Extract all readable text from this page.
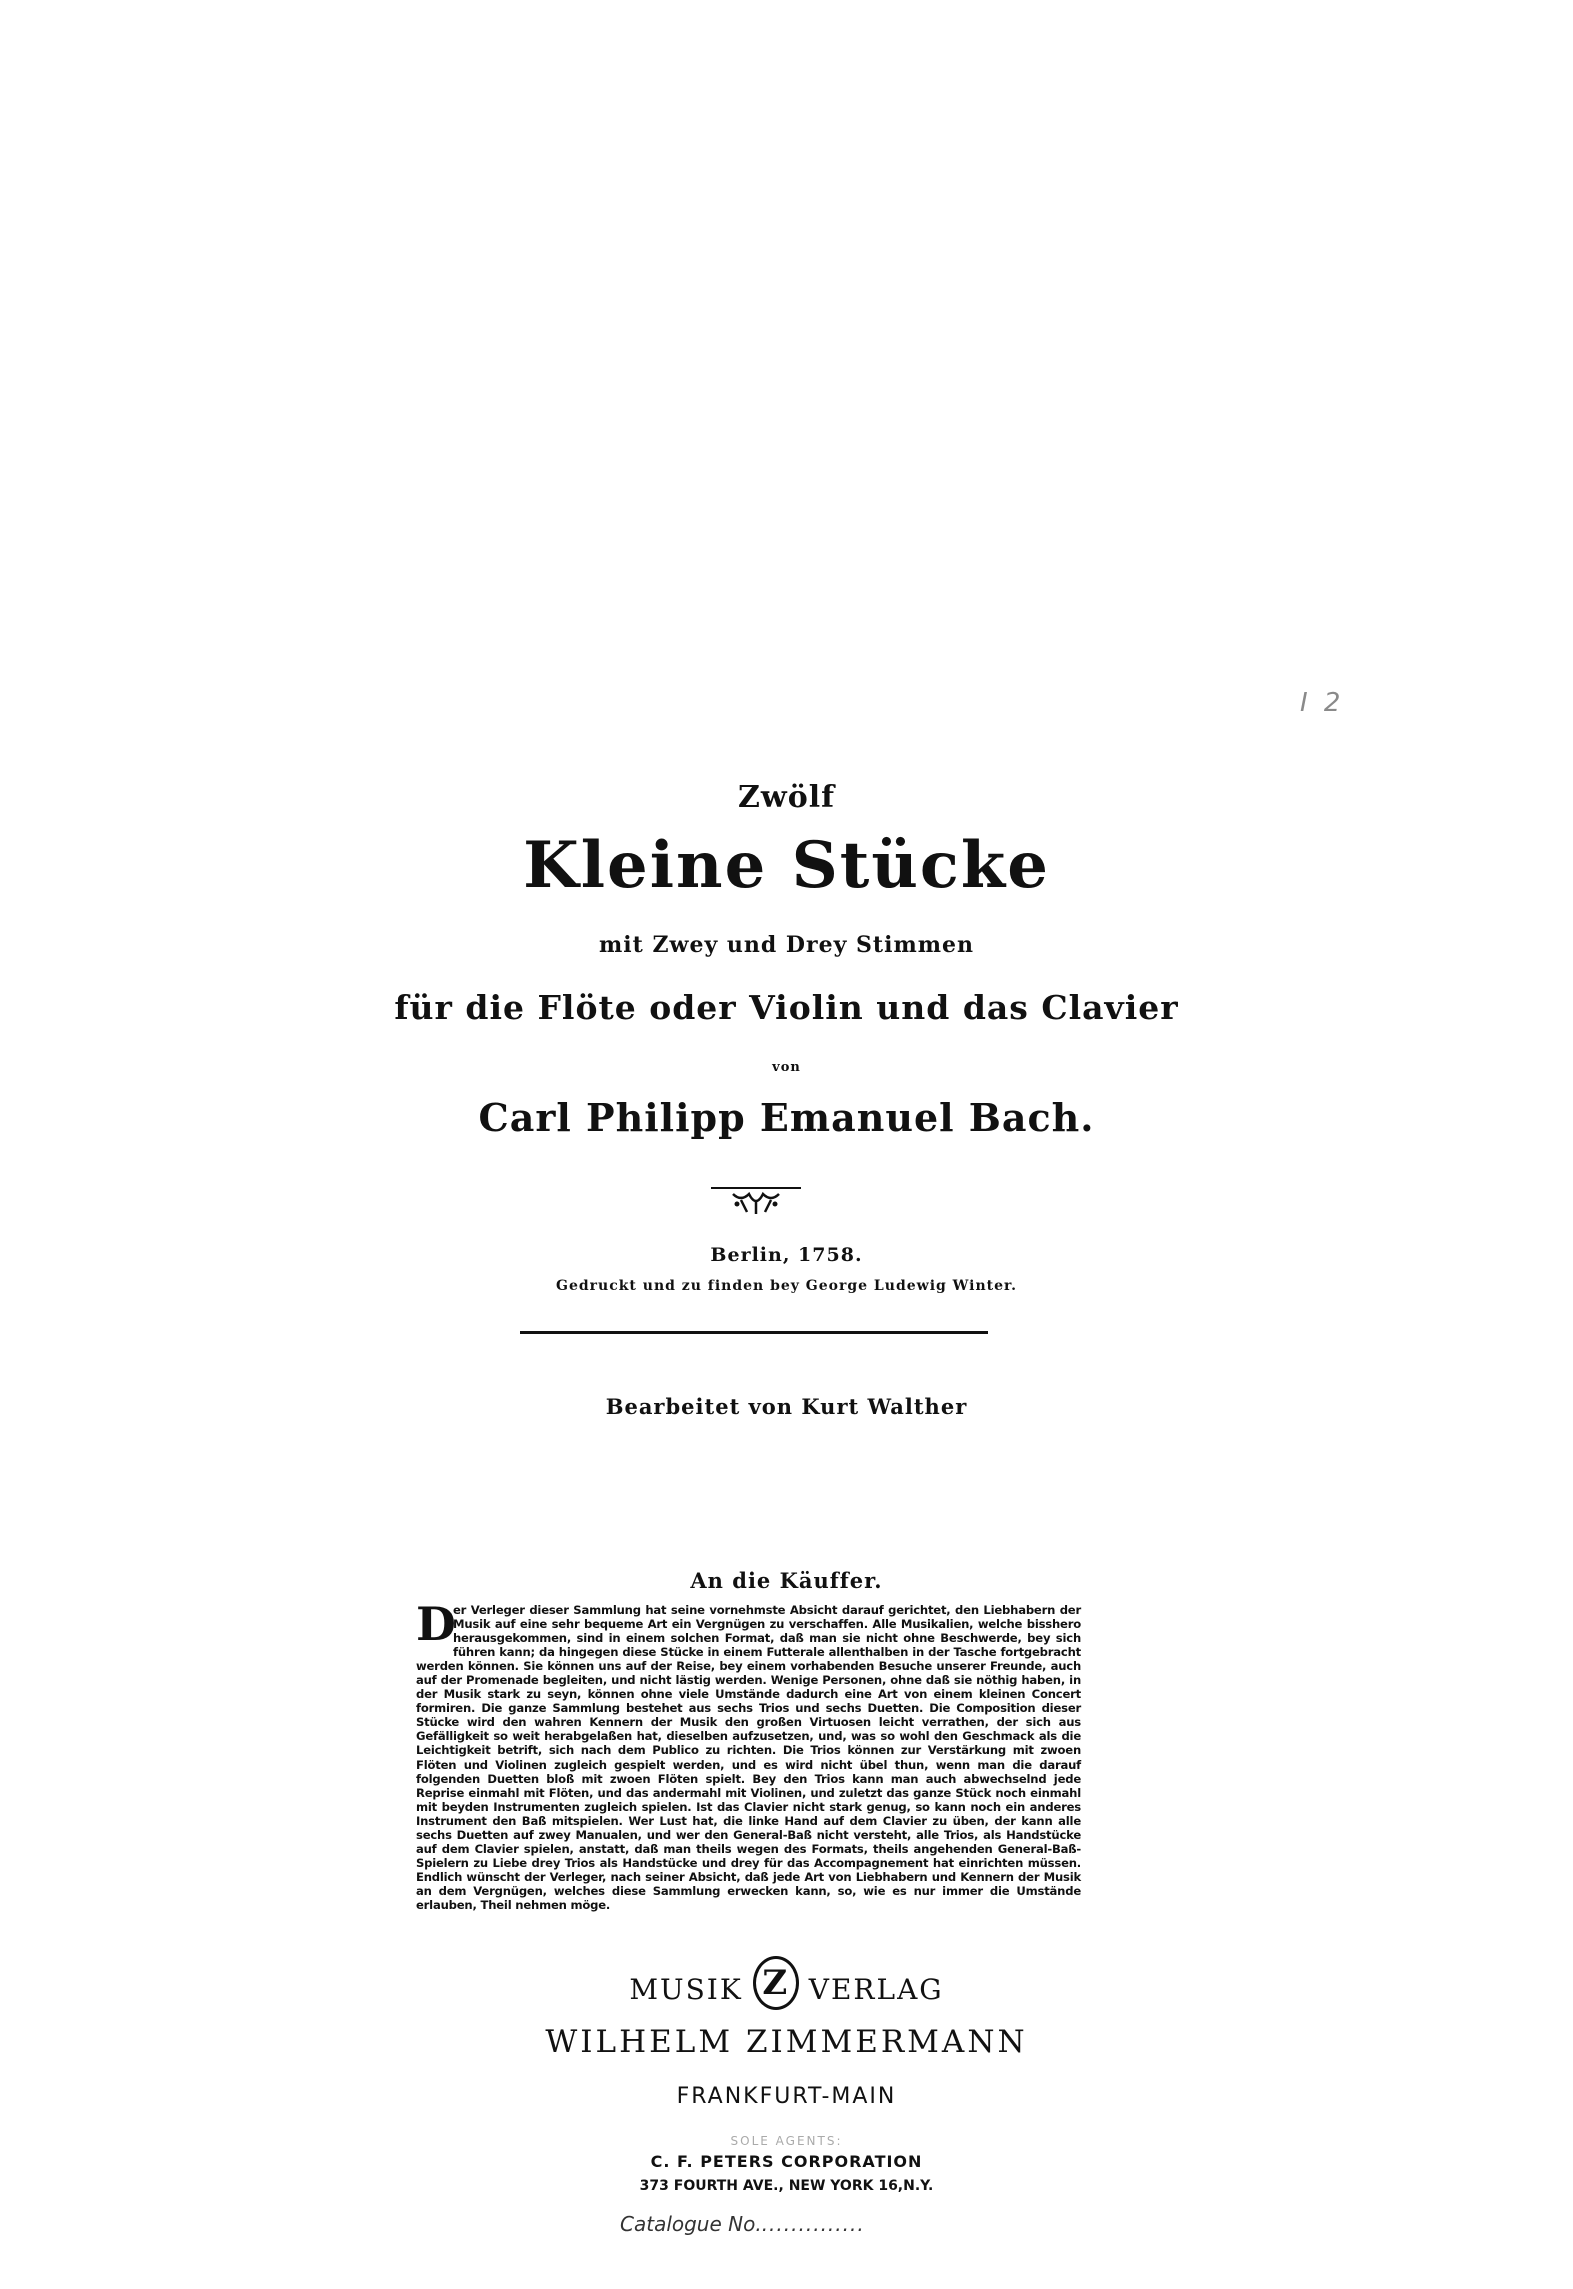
I 2
Zwölf
Kleine Stücke
mit Zwey und Drey Stimmen
für die Flöte oder Violin und das Clavier
von
Carl Philipp Emanuel Bach.
Berlin, 1758.
Gedruckt und zu finden bey George Ludewig Winter.
Bearbeitet von Kurt Walther
An die Käuffer.
D
er Verleger dieser Sammlung hat seine vornehmste Absicht darauf gerichtet, den Liebhabern der Musik auf eine sehr bequeme Art ein Vergnügen zu verschaffen. Alle Musikalien, welche bisshero herausgekommen, sind in einem solchen Format, daß man sie nicht ohne Beschwerde, bey sich führen kann; da hingegen diese Stücke in einem Futterale allenthalben in der Tasche fortgebracht werden können. Sie können uns auf der Reise, bey einem vorhabenden Besuche unserer Freunde, auch auf der Promenade begleiten, und nicht lästig werden. Wenige Personen, ohne daß sie nöthig haben, in der Musik stark zu seyn, können ohne viele Umstände dadurch eine Art von einem kleinen Concert formiren. Die ganze Sammlung bestehet aus sechs Trios und sechs Duetten. Die Composition dieser Stücke wird den wahren Kennern der Musik den großen Virtuosen leicht verrathen, der sich aus Gefälligkeit so weit herabgelaßen hat, dieselben aufzusetzen, und, was so wohl den Geschmack als die Leichtigkeit betrift, sich nach dem Publico zu richten. Die Trios können zur Verstärkung mit zwoen Flöten und Violinen zugleich gespielt werden, und es wird nicht übel thun, wenn man die darauf folgenden Duetten bloß mit zwoen Flöten spielt. Bey den Trios kann man auch abwechselnd jede Reprise einmahl mit Flöten, und das andermahl mit Violinen, und zuletzt das ganze Stück noch einmahl mit beyden Instrumenten zugleich spielen. Ist das Clavier nicht stark genug, so kann noch ein anderes Instrument den Baß mitspielen. Wer Lust hat, die linke Hand auf dem Clavier zu üben, der kann alle sechs Duetten auf zwey Manualen, und wer den General-Baß nicht versteht, alle Trios, als Handstücke auf dem Clavier spielen, anstatt, daß man theils wegen des Formats, theils angehenden General-Baß-Spielern zu Liebe drey Trios als Handstücke und drey für das Accompagnement hat einrichten müssen. Endlich wünscht der Verleger, nach seiner Absicht, daß jede Art von Liebhabern und Kennern der Musik an dem Vergnügen, welches diese Sammlung erwecken kann, so, wie es nur immer die Umstände erlauben, Theil nehmen möge.
MUSIK Z VERLAG
WILHELM ZIMMERMANN
FRANKFURT-MAIN
SOLE AGENTS:
C. F. PETERS CORPORATION
373 FOURTH AVE., NEW YORK 16,N.Y.
Catalogue No...............
